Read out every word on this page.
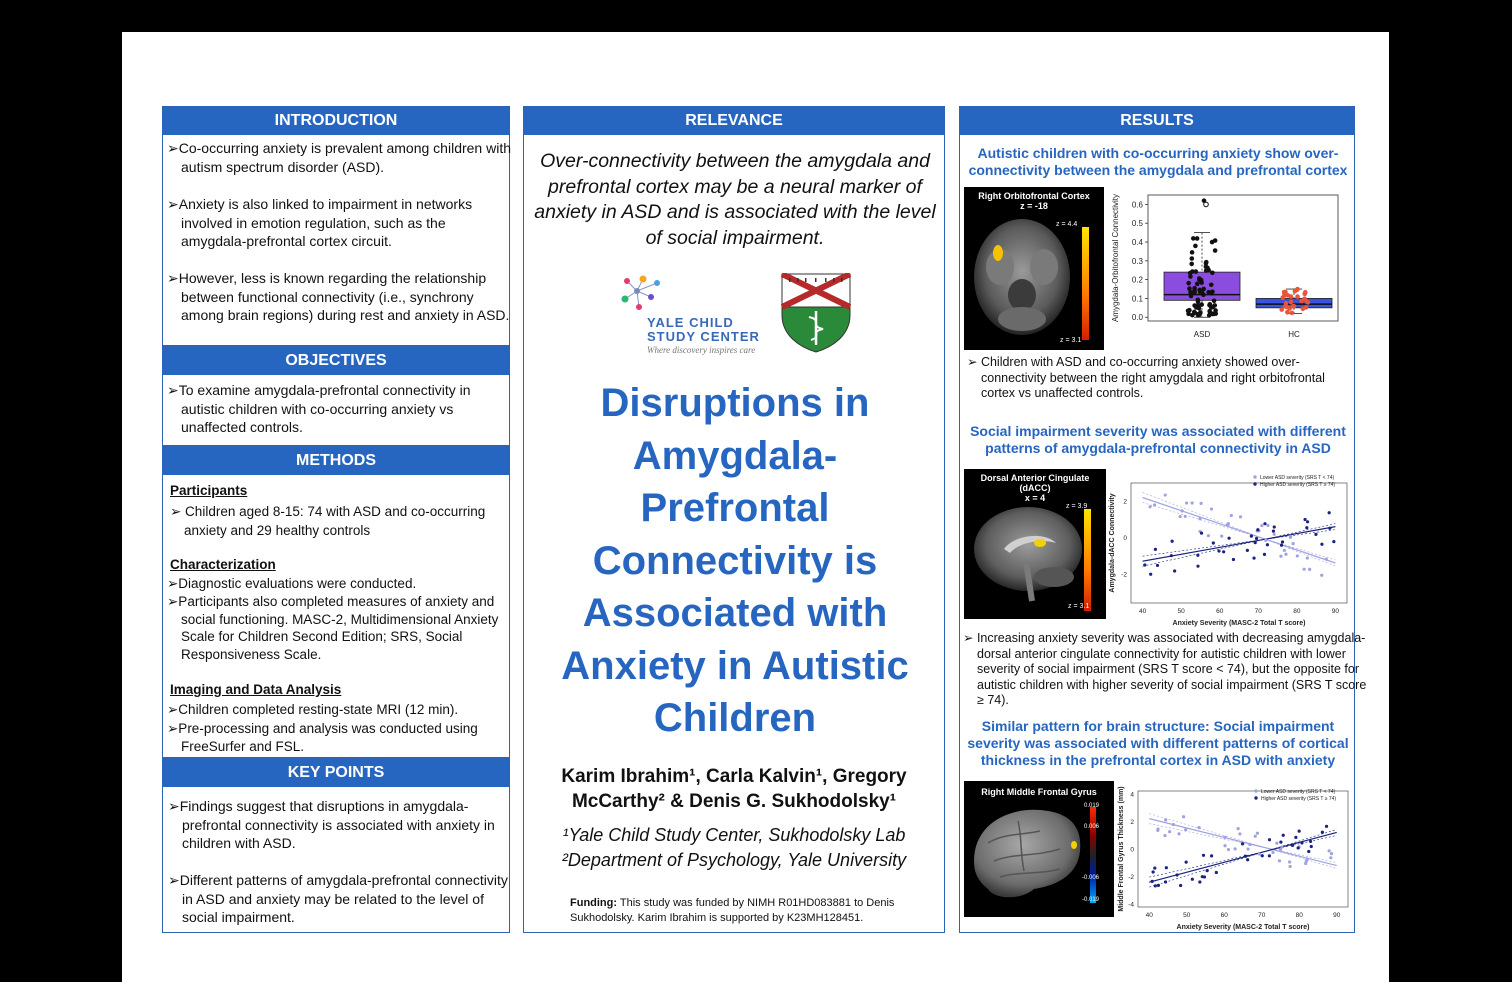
INTRODUCTION

➢Co-occurring anxiety is prevalent among children with autism spectrum disorder (ASD).

➢Anxiety is also linked to impairment in networks involved in emotion regulation, such as the amygdala-prefrontal cortex circuit.

➢However, less is known regarding the relationship between functional connectivity (i.e., synchrony among brain regions) during rest and anxiety in ASD.

OBJECTIVES

➢To examine amygdala-prefrontal connectivity in autistic children with co-occurring anxiety vs unaffected controls.

METHODS

Participants

➢ Children aged 8-15: 74 with ASD and co-occurring anxiety and 29 healthy controls

Characterization

➢Diagnostic evaluations were conducted.

➢Participants also completed measures of anxiety and social functioning. MASC-2, Multidimensional Anxiety Scale for Children Second Edition; SRS, Social Responsiveness Scale.

Imaging and Data Analysis

➢Children completed resting-state MRI (12 min).

➢Pre-processing and analysis was conducted using FreeSurfer and FSL.

KEY POINTS

➢Findings suggest that disruptions in amygdala-prefrontal connectivity is associated with anxiety in children with ASD.

➢Different patterns of amygdala-prefrontal connectivity in ASD and anxiety may be related to the level of social impairment.

RELEVANCE

Over-connectivity between the amygdala and prefrontal cortex may be a neural marker of anxiety in ASD and is associated with the level of social impairment.

YALE CHILD
STUDY CENTER
Where discovery inspires care
Disruptions in Amygdala-Prefrontal Connectivity is Associated with Anxiety in Autistic Children
Karim Ibrahim¹, Carla Kalvin¹, Gregory
McCarthy² & Denis G. Sukhodolsky¹
¹Yale Child Study Center, Sukhodolsky Lab
²Department of Psychology, Yale University
Funding: This study was funded by NIMH R01HD083881 to Denis Sukhodolsky. Karim Ibrahim is supported by K23MH128451.
RESULTS

Autistic children with co-occurring anxiety show over-connectivity between the amygdala and prefrontal cortex

Right Orbitofrontal Cortex
z = -18
z = 4.4
z = 3.1
0.0
0.1
0.2
0.3
0.4
0.5
0.6
Amygdala-Orbitofrontal Connectivity
ASD	HC

➢ Children with ASD and co-occurring anxiety showed over-connectivity between the right amygdala and right orbitofrontal cortex vs unaffected controls.

Social impairment severity was associated with different patterns of amygdala-prefrontal connectivity in ASD

Dorsal Anterior Cingulate (dACC)
x = 4
z = 3.9
z = 3.1
40	50	60	70	80	90
2
0
-2
Anxiety Severity (MASC-2 Total T score)
Amygdala-dACC Connectivity
Lower ASD severity (SRS T < 74)
Higher ASD severity (SRS T ≥ 74)

➢ Increasing anxiety severity was associated with decreasing amygdala-dorsal anterior cingulate connectivity for autistic children with lower severity of social impairment (SRS T score < 74), but the opposite for autistic children with higher severity of social impairment (SRS T score ≥ 74).

Similar pattern for brain structure: Social impairment severity was associated with different patterns of cortical thickness in the prefrontal cortex in ASD with anxiety

Right Middle Frontal Gyrus
0.019
0.006
-0.006
-0.019
40	50	60	70	80	90
4
2
0
-2
-4
Anxiety Severity (MASC-2 Total T score)
Middle Frontal Gyrus Thickness (mm)	Lower ASD severity (SRS T < 74)
Higher ASD severity (SRS T ≥ 74)
